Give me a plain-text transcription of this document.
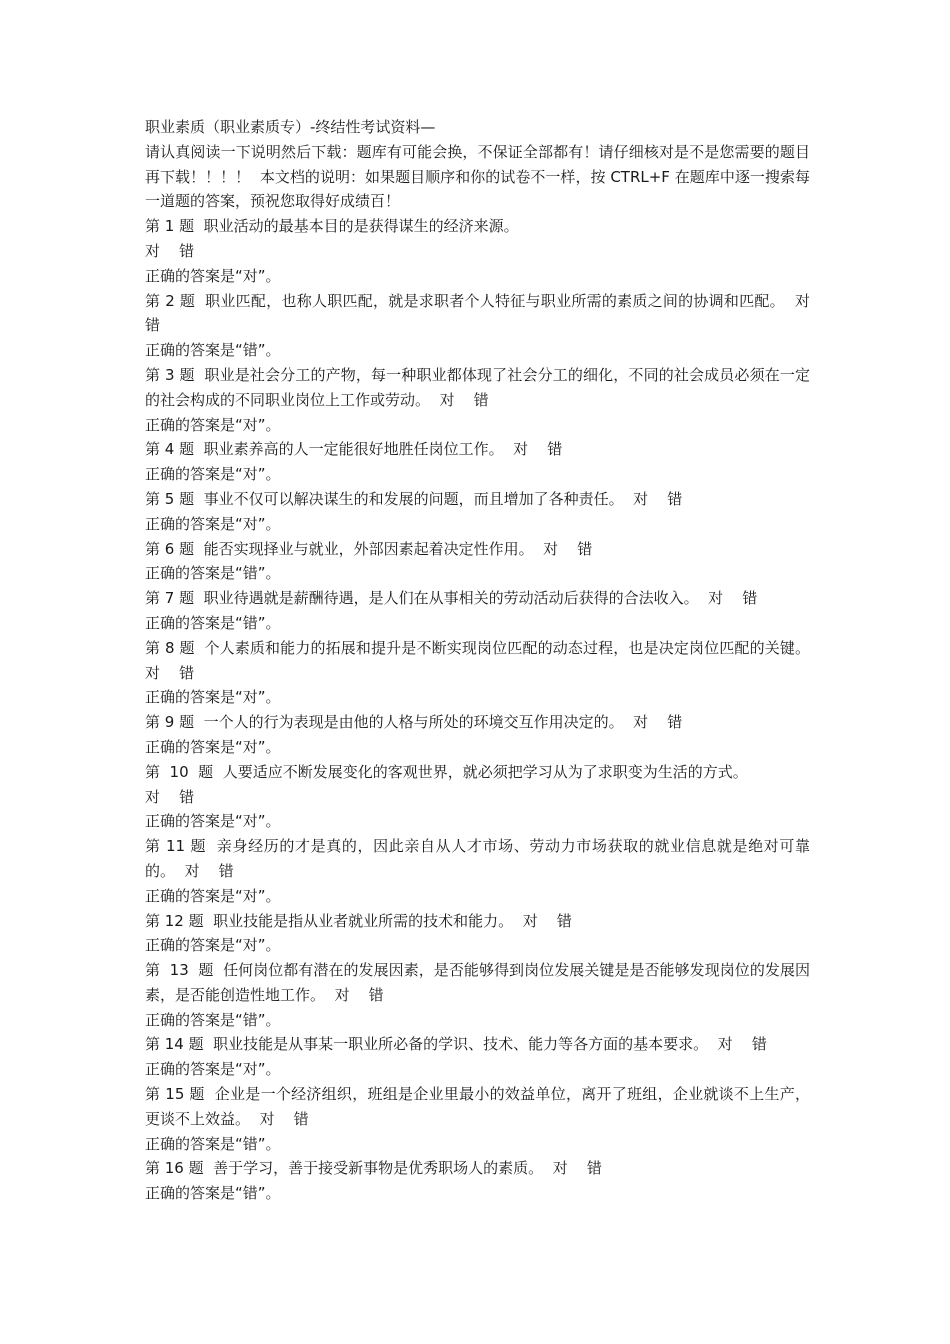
职业素质（职业素质专）-终结性考试资料—
请认真阅读一下说明然后下载：题库有可能会换，不保证全部都有！请仔细核对是不是您需要的题目再下载！！！！  本文档的说明：如果题目顺序和你的试卷不一样，按 CTRL+F 在题库中逐一搜索每一道题的答案，预祝您取得好成绩百！
第 1 题  职业活动的最基本目的是获得谋生的经济来源。
对 错
正确的答案是“对”。
第 2 题  职业匹配，也称人职匹配，就是求职者个人特征与职业所需的素质之间的协调和匹配。 对    错
正确的答案是“错”。
第 3 题  职业是社会分工的产物，每一种职业都体现了社会分工的细化，不同的社会成员必须在一定的社会构成的不同职业岗位上工作或劳动。 对 错
正确的答案是“对”。
第 4 题  职业素养高的人一定能很好地胜任岗位工作。 对 错
正确的答案是“对”。
第 5 题  事业不仅可以解决谋生的和发展的问题，而且增加了各种责任。 对 错
正确的答案是“对”。
第 6 题  能否实现择业与就业，外部因素起着决定性作用。 对 错
正确的答案是“错”。
第 7 题  职业待遇就是薪酬待遇，是人们在从事相关的劳动活动后获得的合法收入。 对 错
正确的答案是“错”。
第 8 题  个人素质和能力的拓展和提升是不断实现岗位匹配的动态过程，也是决定岗位匹配的关键。  对 错
正确的答案是“对”。
第 9 题  一个人的行为表现是由他的人格与所处的环境交互作用决定的。 对 错
正确的答案是“对”。
第  10  题  人要适应不断发展变化的客观世界，就必须把学习从为了求职变为生活的方式。
对 错
正确的答案是“对”。
第 11 题  亲身经历的才是真的，因此亲自从人才市场、劳动力市场获取的就业信息就是绝对可靠的。 对 错
正确的答案是“对”。
第 12 题  职业技能是指从业者就业所需的技术和能力。 对 错
正确的答案是“对”。
第  13  题  任何岗位都有潜在的发展因素，是否能够得到岗位发展关键是是否能够发现岗位的发展因素，是否能创造性地工作。 对 错
正确的答案是“错”。
第 14 题  职业技能是从事某一职业所必备的学识、技术、能力等各方面的基本要求。 对 错
正确的答案是“对”。
第 15 题  企业是一个经济组织，班组是企业里最小的效益单位，离开了班组，企业就谈不上生产，更谈不上效益。 对 错
正确的答案是“错”。
第 16 题  善于学习，善于接受新事物是优秀职场人的素质。 对 错
正确的答案是“错”。
